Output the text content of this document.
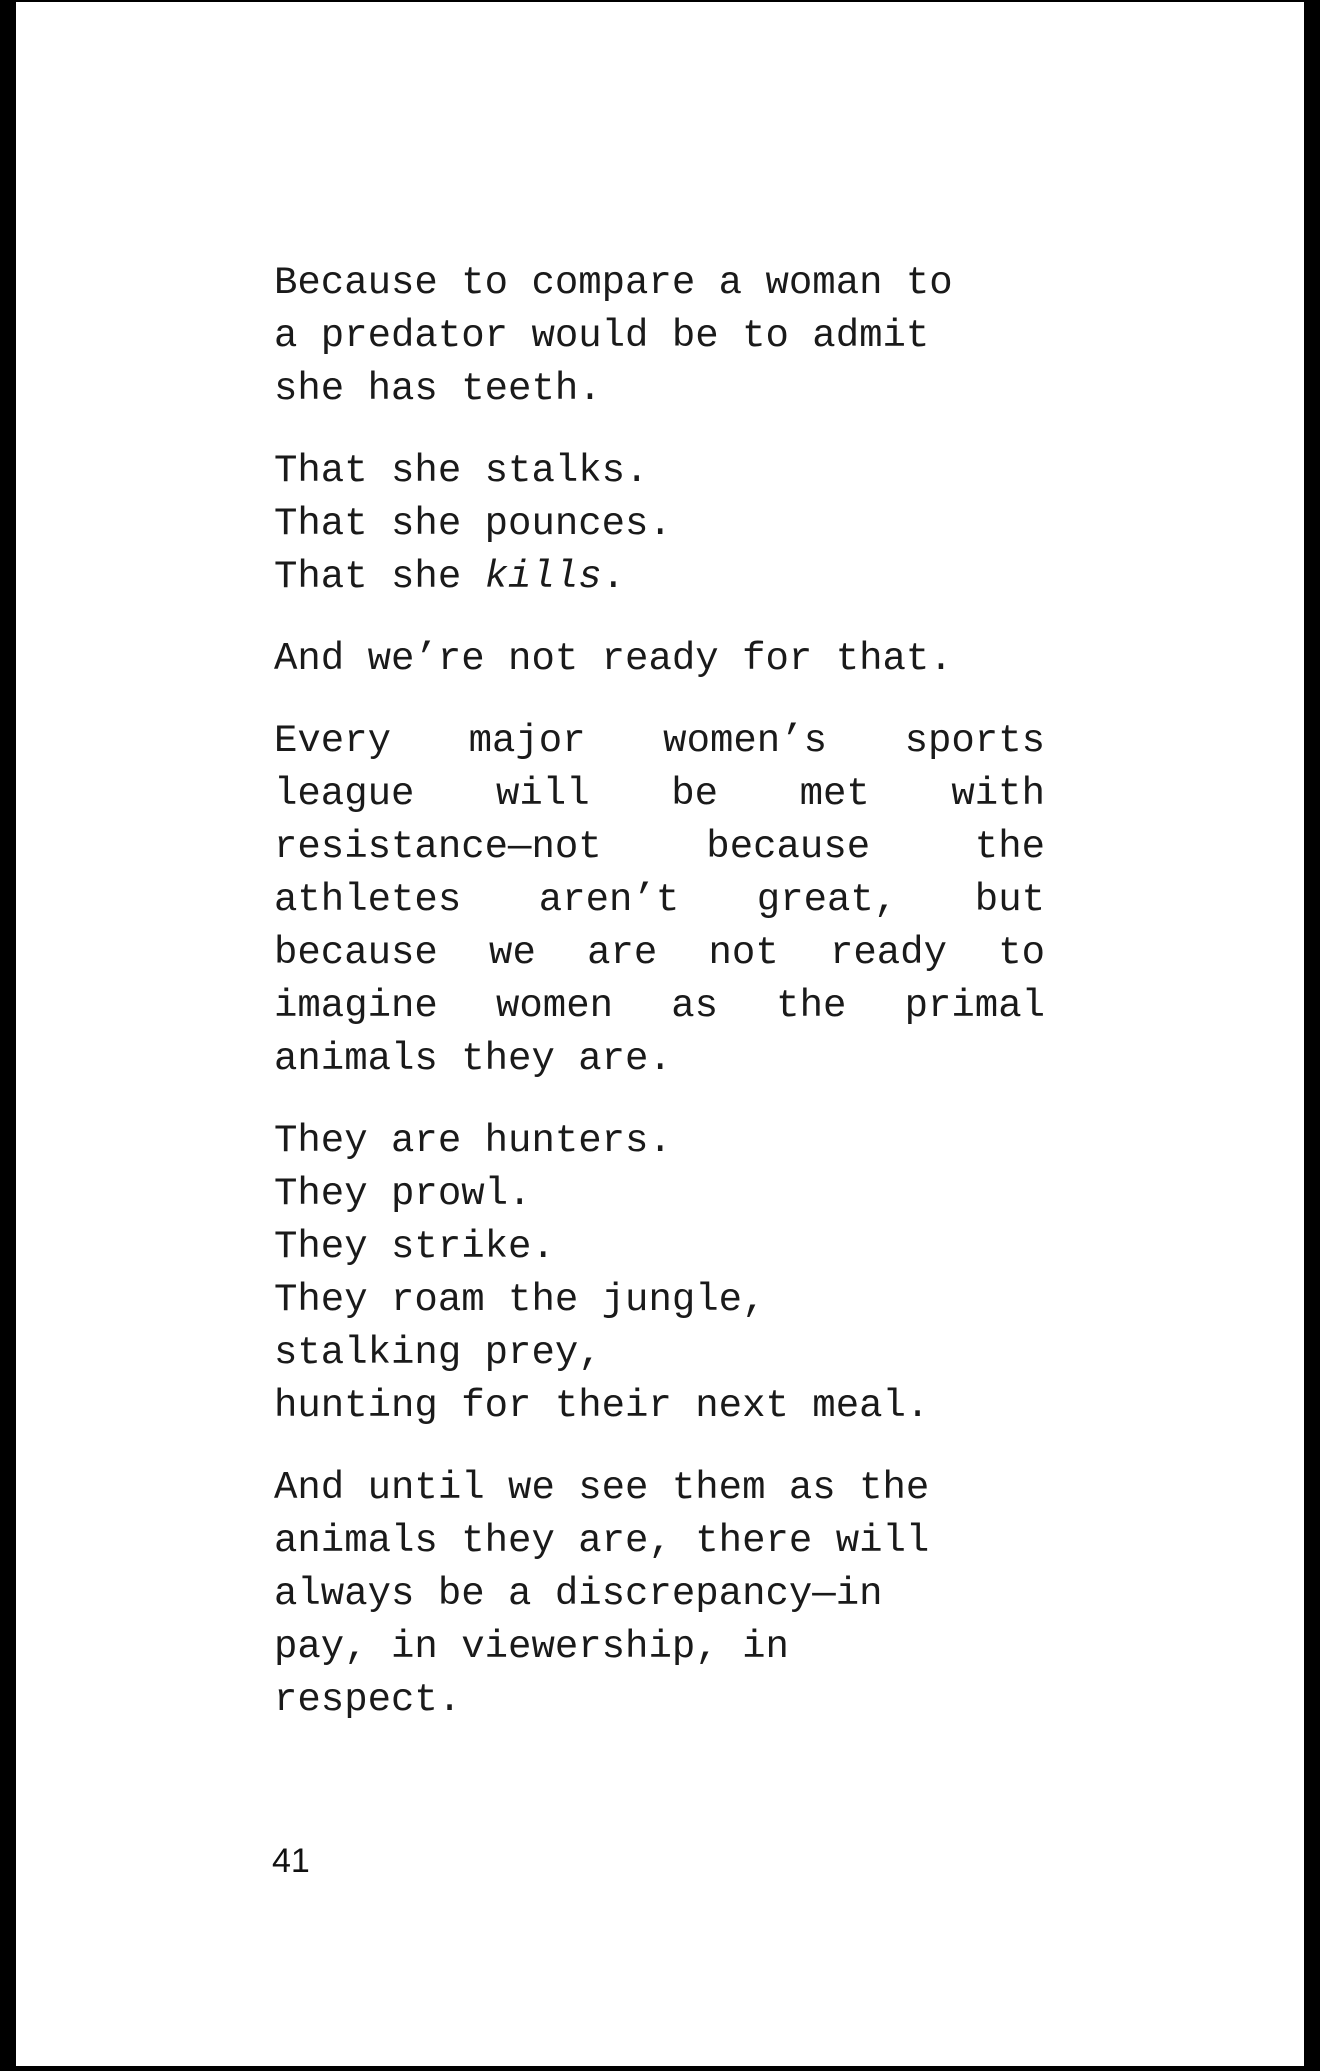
Because to compare a woman to
a predator would be to admit
she has teeth.
That she stalks.
That she pounces.
That she kills.
And we’re not ready for that.
Every major women’s sports
league will be met with
resistance—not because the
athletes aren’t great, but
because we are not ready to
imagine women as the primal
animals they are.
They are hunters.
They prowl.
They strike.
They roam the jungle,
stalking prey,
hunting for their next meal.
And until we see them as the
animals they are, there will
always be a discrepancy—in
pay, in viewership, in
respect.
41
